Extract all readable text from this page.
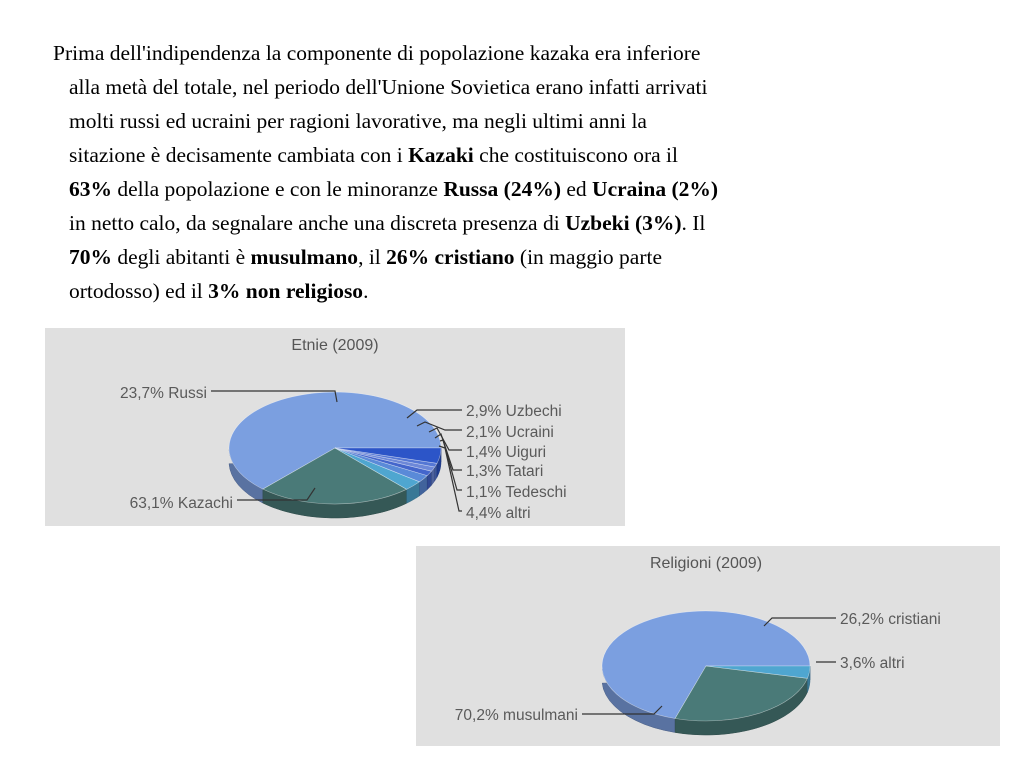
Prima dell'indipendenza la componente di popolazione kazaka era inferiore
alla metà del totale, nel periodo dell'Unione Sovietica erano infatti arrivati
molti russi ed ucraini per ragioni lavorative, ma negli ultimi anni la
sitazione è decisamente cambiata con i Kazaki che costituiscono ora il
63% della popolazione e con le minoranze Russa (24%) ed Ucraina (2%)
in netto calo, da segnalare anche una discreta presenza di Uzbeki (3%). Il
70% degli abitanti è musulmano, il 26% cristiano (in maggio parte
ortodosso) ed il 3% non religioso.
Etnie (2009)
23,7% Russi
63,1% Kazachi
2,9% Uzbechi
2,1% Ucraini
1,4% Uiguri
1,3% Tatari
1,1% Tedeschi
4,4% altri
Religioni (2009)
26,2% cristiani
3,6% altri
70,2% musulmani
